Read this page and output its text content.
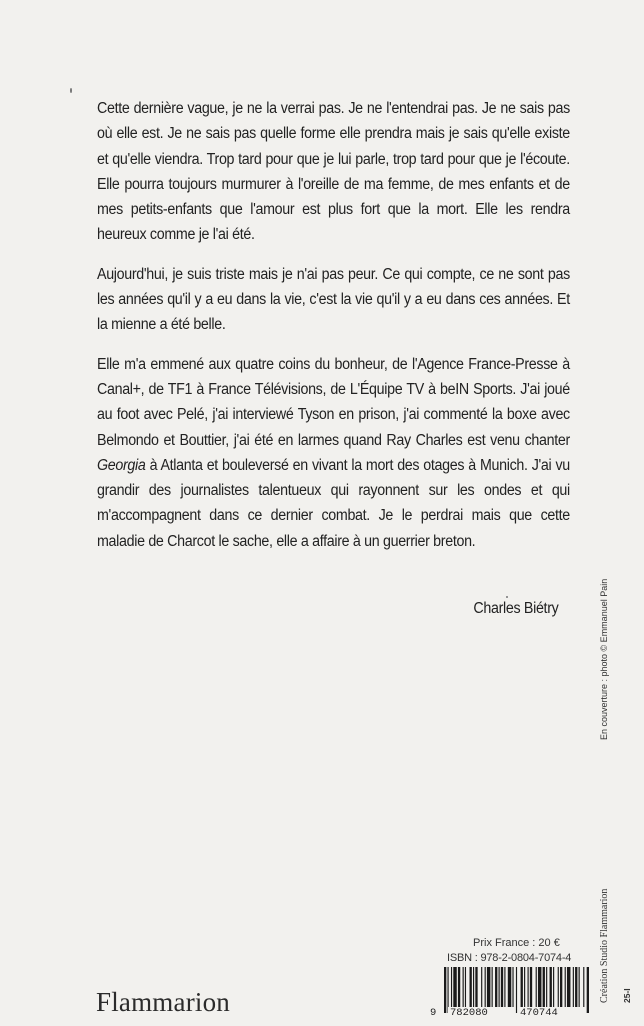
Cette dernière vague, je ne la verrai pas. Je ne l'entendrai pas. Je ne sais pas où elle est. Je ne sais pas quelle forme elle prendra mais je sais qu'elle existe et qu'elle viendra. Trop tard pour que je lui parle, trop tard pour que je l'écoute. Elle pourra toujours murmurer à l'oreille de ma femme, de mes enfants et de mes petits-enfants que l'amour est plus fort que la mort. Elle les rendra heureux comme je l'ai été.

Aujourd'hui, je suis triste mais je n'ai pas peur. Ce qui compte, ce ne sont pas les années qu'il y a eu dans la vie, c'est la vie qu'il y a eu dans ces années. Et la mienne a été belle.

Elle m'a emmené aux quatre coins du bonheur, de l'Agence France-Presse à Canal+, de TF1 à France Télévisions, de L'Équipe TV à beIN Sports. J'ai joué au foot avec Pelé, j'ai interviewé Tyson en prison, j'ai commenté la boxe avec Belmondo et Bouttier, j'ai été en larmes quand Ray Charles est venu chanter Georgia à Atlanta et bouleversé en vivant la mort des otages à Munich. J'ai vu grandir des journalistes talentueux qui rayonnent sur les ondes et qui m'accompagnent dans ce dernier combat. Je le perdrai mais que cette maladie de Charcot le sache, elle a affaire à un guerrier breton.

Charles Biétry
Création Studio Flammarion 25-I
En couverture : photo © Emmanuel Pain
Flammarion
Prix France : 20 €
ISBN : 978-2-0804-7074-4
9 782080	470744
